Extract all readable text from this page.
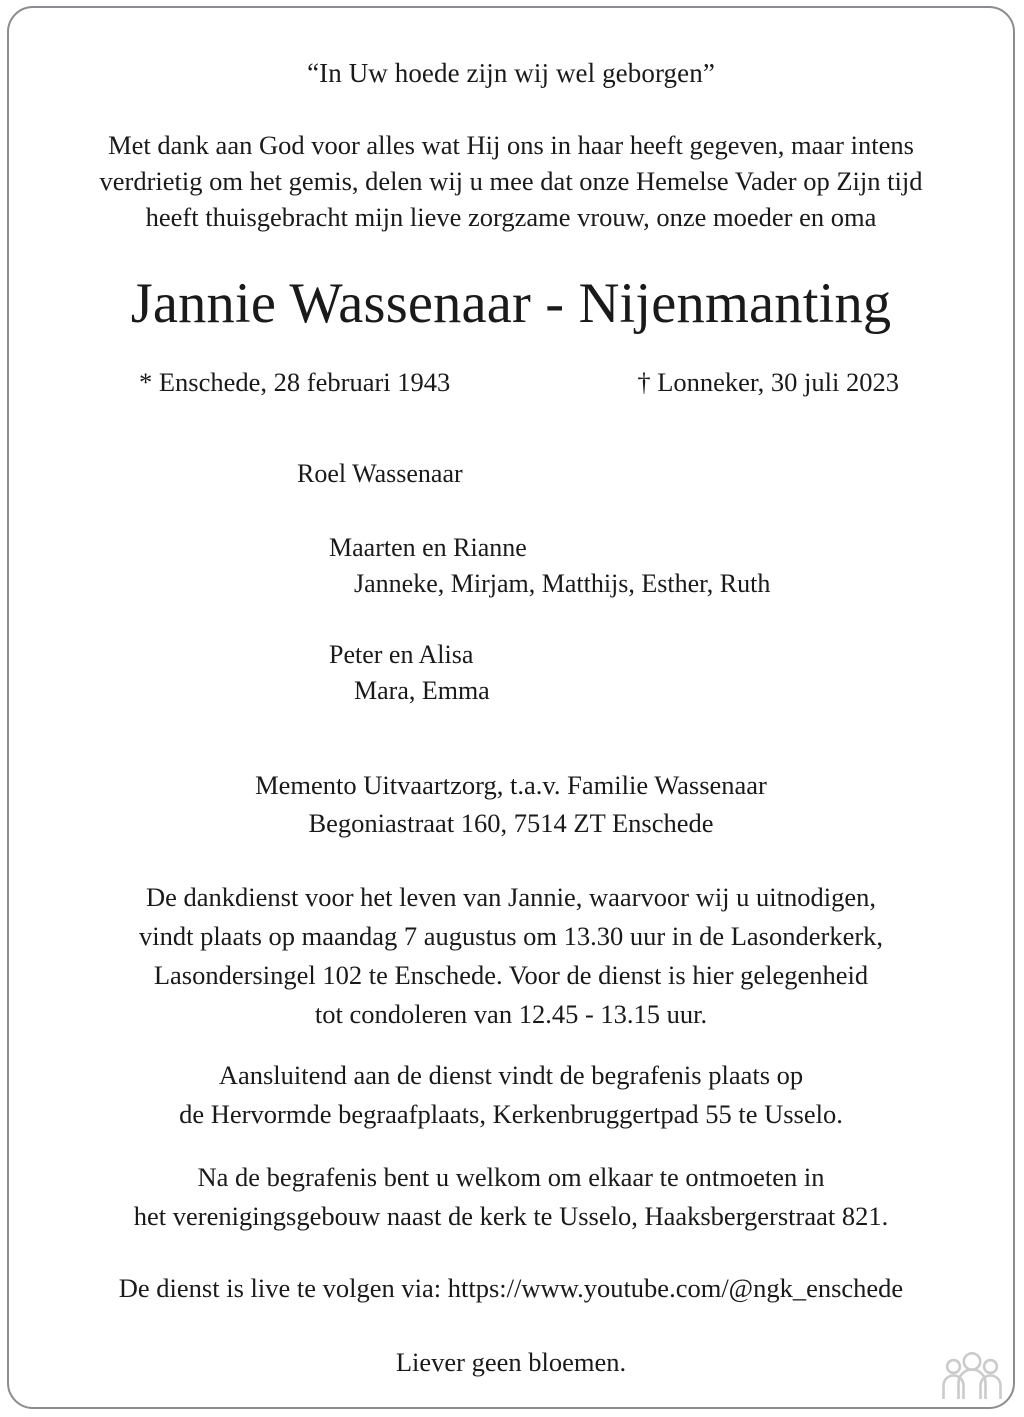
“In Uw hoede zijn wij wel geborgen”
Met dank aan God voor alles wat Hij ons in haar heeft gegeven, maar intens
verdrietig om het gemis, delen wij u mee dat onze Hemelse Vader op Zijn tijd
heeft thuisgebracht mijn lieve zorgzame vrouw, onze moeder en oma
Jannie Wassenaar - Nijenmanting
* Enschede, 28 februari 1943	† Lonneker, 30 juli 2023
Roel Wassenaar
Maarten en Rianne
Janneke, Mirjam, Matthijs, Esther, Ruth
Peter en Alisa
Mara, Emma
Memento Uitvaartzorg, t.a.v. Familie Wassenaar
Begoniastraat 160, 7514 ZT Enschede
De dankdienst voor het leven van Jannie, waarvoor wij u uitnodigen,
vindt plaats op maandag 7 augustus om 13.30 uur in de Lasonderkerk,
Lasondersingel 102 te Enschede. Voor de dienst is hier gelegenheid
tot condoleren van 12.45 - 13.15 uur.
Aansluitend aan de dienst vindt de begrafenis plaats op
de Hervormde begraafplaats, Kerkenbruggertpad 55 te Usselo.
Na de begrafenis bent u welkom om elkaar te ontmoeten in
het verenigingsgebouw naast de kerk te Usselo, Haaksbergerstraat 821.
De dienst is live te volgen via: https://www.youtube.com/@ngk_enschede
Liever geen bloemen.
